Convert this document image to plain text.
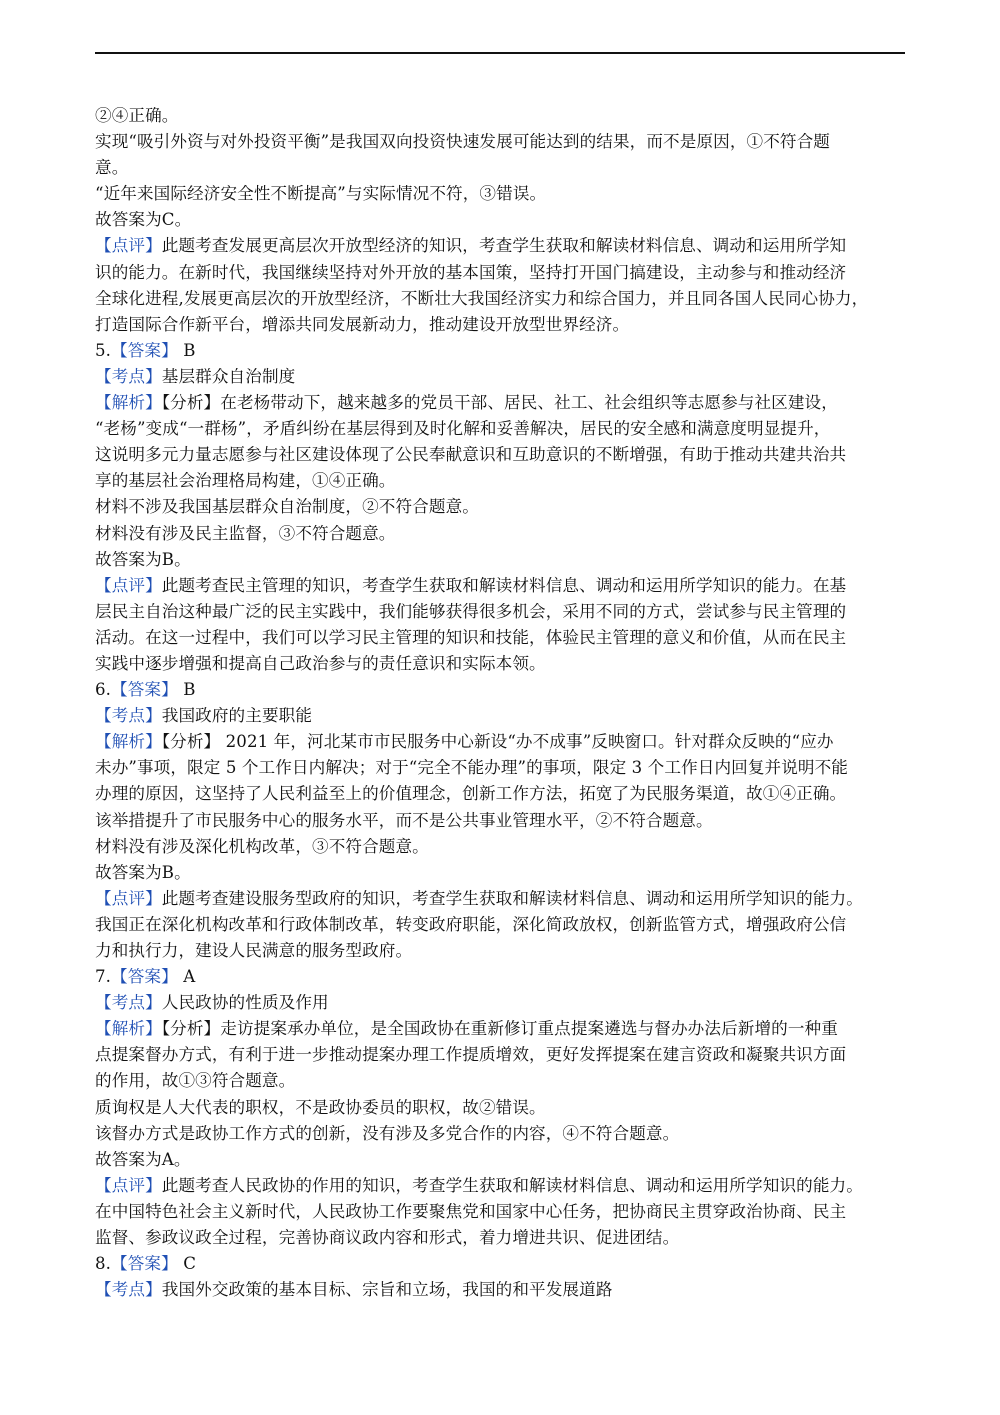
②④正确。
实现“吸引外资与对外投资平衡”是我国双向投资快速发展可能达到的结果，而不是原因，①不符合题
意。
“近年来国际经济安全性不断提高”与实际情况不符，③错误。
故答案为C。
【点评】此题考查发展更高层次开放型经济的知识，考查学生获取和解读材料信息、调动和运用所学知
识的能力。在新时代，我国继续坚持对外开放的基本国策，坚持打开国门搞建设，主动参与和推动经济
全球化进程,发展更高层次的开放型经济，不断壮大我国经济实力和综合国力，并且同各国人民同心协力，
打造国际合作新平台，增添共同发展新动力，推动建设开放型世界经济。
5.【答案】 B
【考点】基层群众自治制度
【解析】【分析】在老杨带动下，越来越多的党员干部、居民、社工、社会组织等志愿参与社区建设，
“老杨”变成“一群杨”，矛盾纠纷在基层得到及时化解和妥善解决，居民的安全感和满意度明显提升，
这说明多元力量志愿参与社区建设体现了公民奉献意识和互助意识的不断增强，有助于推动共建共治共
享的基层社会治理格局构建，①④正确。
材料不涉及我国基层群众自治制度，②不符合题意。
材料没有涉及民主监督，③不符合题意。
故答案为B。
【点评】此题考查民主管理的知识，考查学生获取和解读材料信息、调动和运用所学知识的能力。在基
层民主自治这种最广泛的民主实践中，我们能够获得很多机会，采用不同的方式，尝试参与民主管理的
活动。在这一过程中，我们可以学习民主管理的知识和技能，体验民主管理的意义和价值，从而在民主
实践中逐步增强和提高自己政治参与的责任意识和实际本领。
6.【答案】 B
【考点】我国政府的主要职能
【解析】【分析】 2021 年，河北某市市民服务中心新设“办不成事”反映窗口。针对群众反映的“应办
未办”事项，限定 5 个工作日内解决；对于“完全不能办理”的事项，限定 3 个工作日内回复并说明不能
办理的原因，这坚持了人民利益至上的价值理念，创新工作方法，拓宽了为民服务渠道，故①④正确。
该举措提升了市民服务中心的服务水平，而不是公共事业管理水平，②不符合题意。
材料没有涉及深化机构改革，③不符合题意。
故答案为B。
【点评】此题考查建设服务型政府的知识，考查学生获取和解读材料信息、调动和运用所学知识的能力。
我国正在深化机构改革和行政体制改革，转变政府职能，深化简政放权，创新监管方式，增强政府公信
力和执行力，建设人民满意的服务型政府。
7.【答案】 A
【考点】人民政协的性质及作用
【解析】【分析】走访提案承办单位，是全国政协在重新修订重点提案遴选与督办办法后新增的一种重
点提案督办方式，有利于进一步推动提案办理工作提质增效，更好发挥提案在建言资政和凝聚共识方面
的作用，故①③符合题意。
质询权是人大代表的职权，不是政协委员的职权，故②错误。
该督办方式是政协工作方式的创新，没有涉及多党合作的内容，④不符合题意。
故答案为A。
【点评】此题考查人民政协的作用的知识，考查学生获取和解读材料信息、调动和运用所学知识的能力。
在中国特色社会主义新时代，人民政协工作要聚焦党和国家中心任务，把协商民主贯穿政治协商、民主
监督、参政议政全过程，完善协商议政内容和形式，着力增进共识、促进团结。
8.【答案】 C
【考点】我国外交政策的基本目标、宗旨和立场，我国的和平发展道路
